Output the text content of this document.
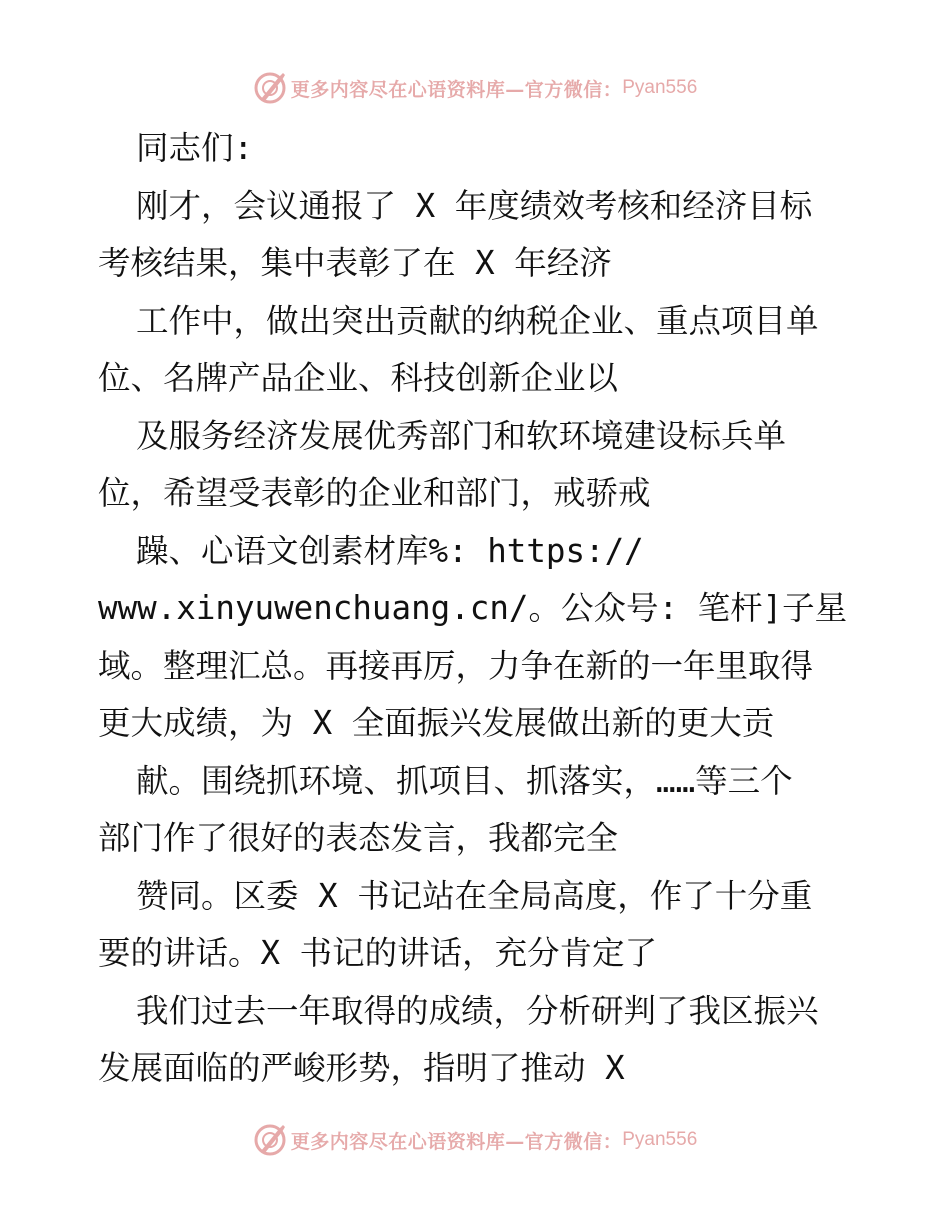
更多内容尽在心语资料库—官方微信： Pyan556
同志们:
刚才，会议通报了 X 年度绩效考核和经济目标
考核结果，集中表彰了在 X 年经济
工作中，做出突出贡献的纳税企业、重点项目单
位、名牌产品企业、科技创新企业以
及服务经济发展优秀部门和软环境建设标兵单
位，希望受表彰的企业和部门，戒骄戒
躁、心语文创素材库%: https://
www.xinyuwenchuang.cn/。公众号: 笔杆]子星
域。整理汇总。再接再厉，力争在新的一年里取得
更大成绩，为 X 全面振兴发展做出新的更大贡
献。围绕抓环境、抓项目、抓落实，……等三个
部门作了很好的表态发言，我都完全
赞同。区委 X 书记站在全局高度，作了十分重
要的讲话。X 书记的讲话，充分肯定了
我们过去一年取得的成绩，分析研判了我区振兴
发展面临的严峻形势，指明了推动 X
更多内容尽在心语资料库—官方微信： Pyan556
